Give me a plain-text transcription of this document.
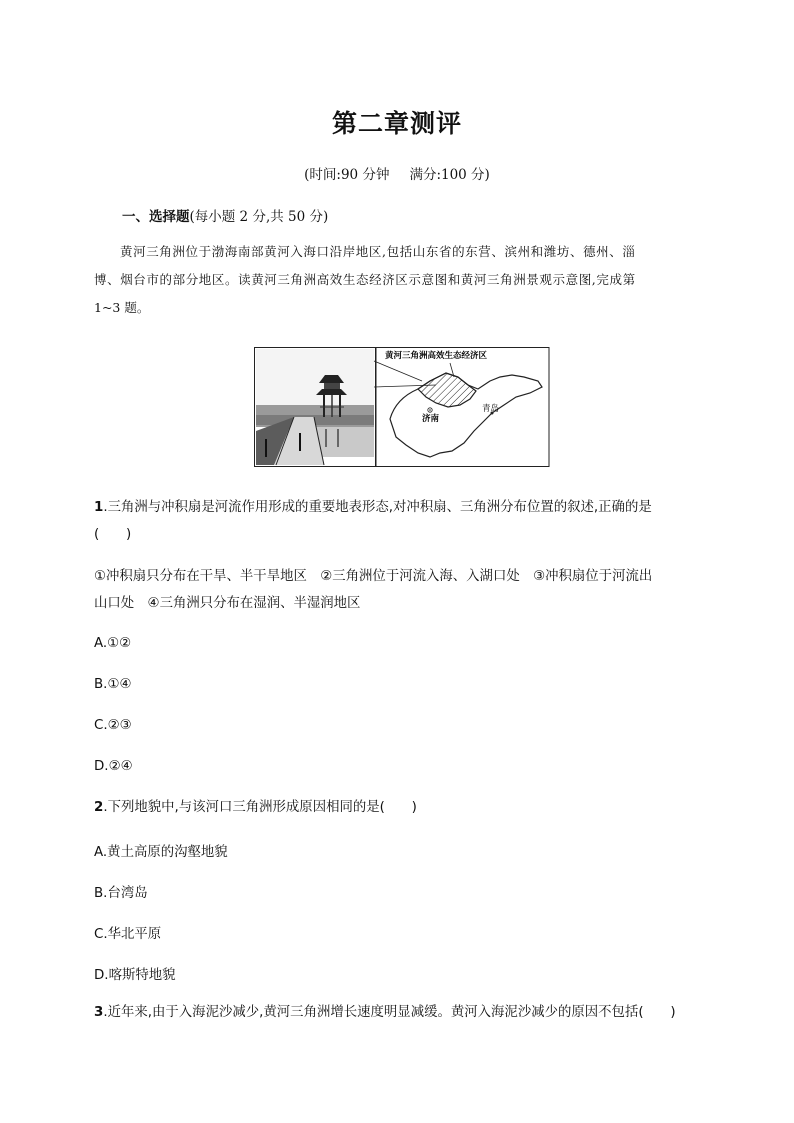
第二章测评
(时间:90 分钟 满分:100 分)
一、选择题(每小题 2 分,共 50 分)

黄河三角洲位于渤海南部黄河入海口沿岸地区,包括山东省的东营、滨州和潍坊、德州、淄

博、烟台市的部分地区。读黄河三角洲高效生态经济区示意图和黄河三角洲景观示意图,完成第
1~3 题。
黄河三角洲高效生态经济区
济南
青岛
1.三角洲与冲积扇是河流作用形成的重要地表形态,对冲积扇、三角洲分布位置的叙述,正确的是
(　　)
①冲积扇只分布在干旱、半干旱地区　②三角洲位于河流入海、入湖口处　③冲积扇位于河流出
山口处　④三角洲只分布在湿润、半湿润地区
A.①②
B.①④
C.②③
D.②④
2.下列地貌中,与该河口三角洲形成原因相同的是(　　)
A.黄土高原的沟壑地貌
B.台湾岛
C.华北平原
D.喀斯特地貌
3.近年来,由于入海泥沙减少,黄河三角洲增长速度明显减缓。黄河入海泥沙减少的原因不包括(　　)
